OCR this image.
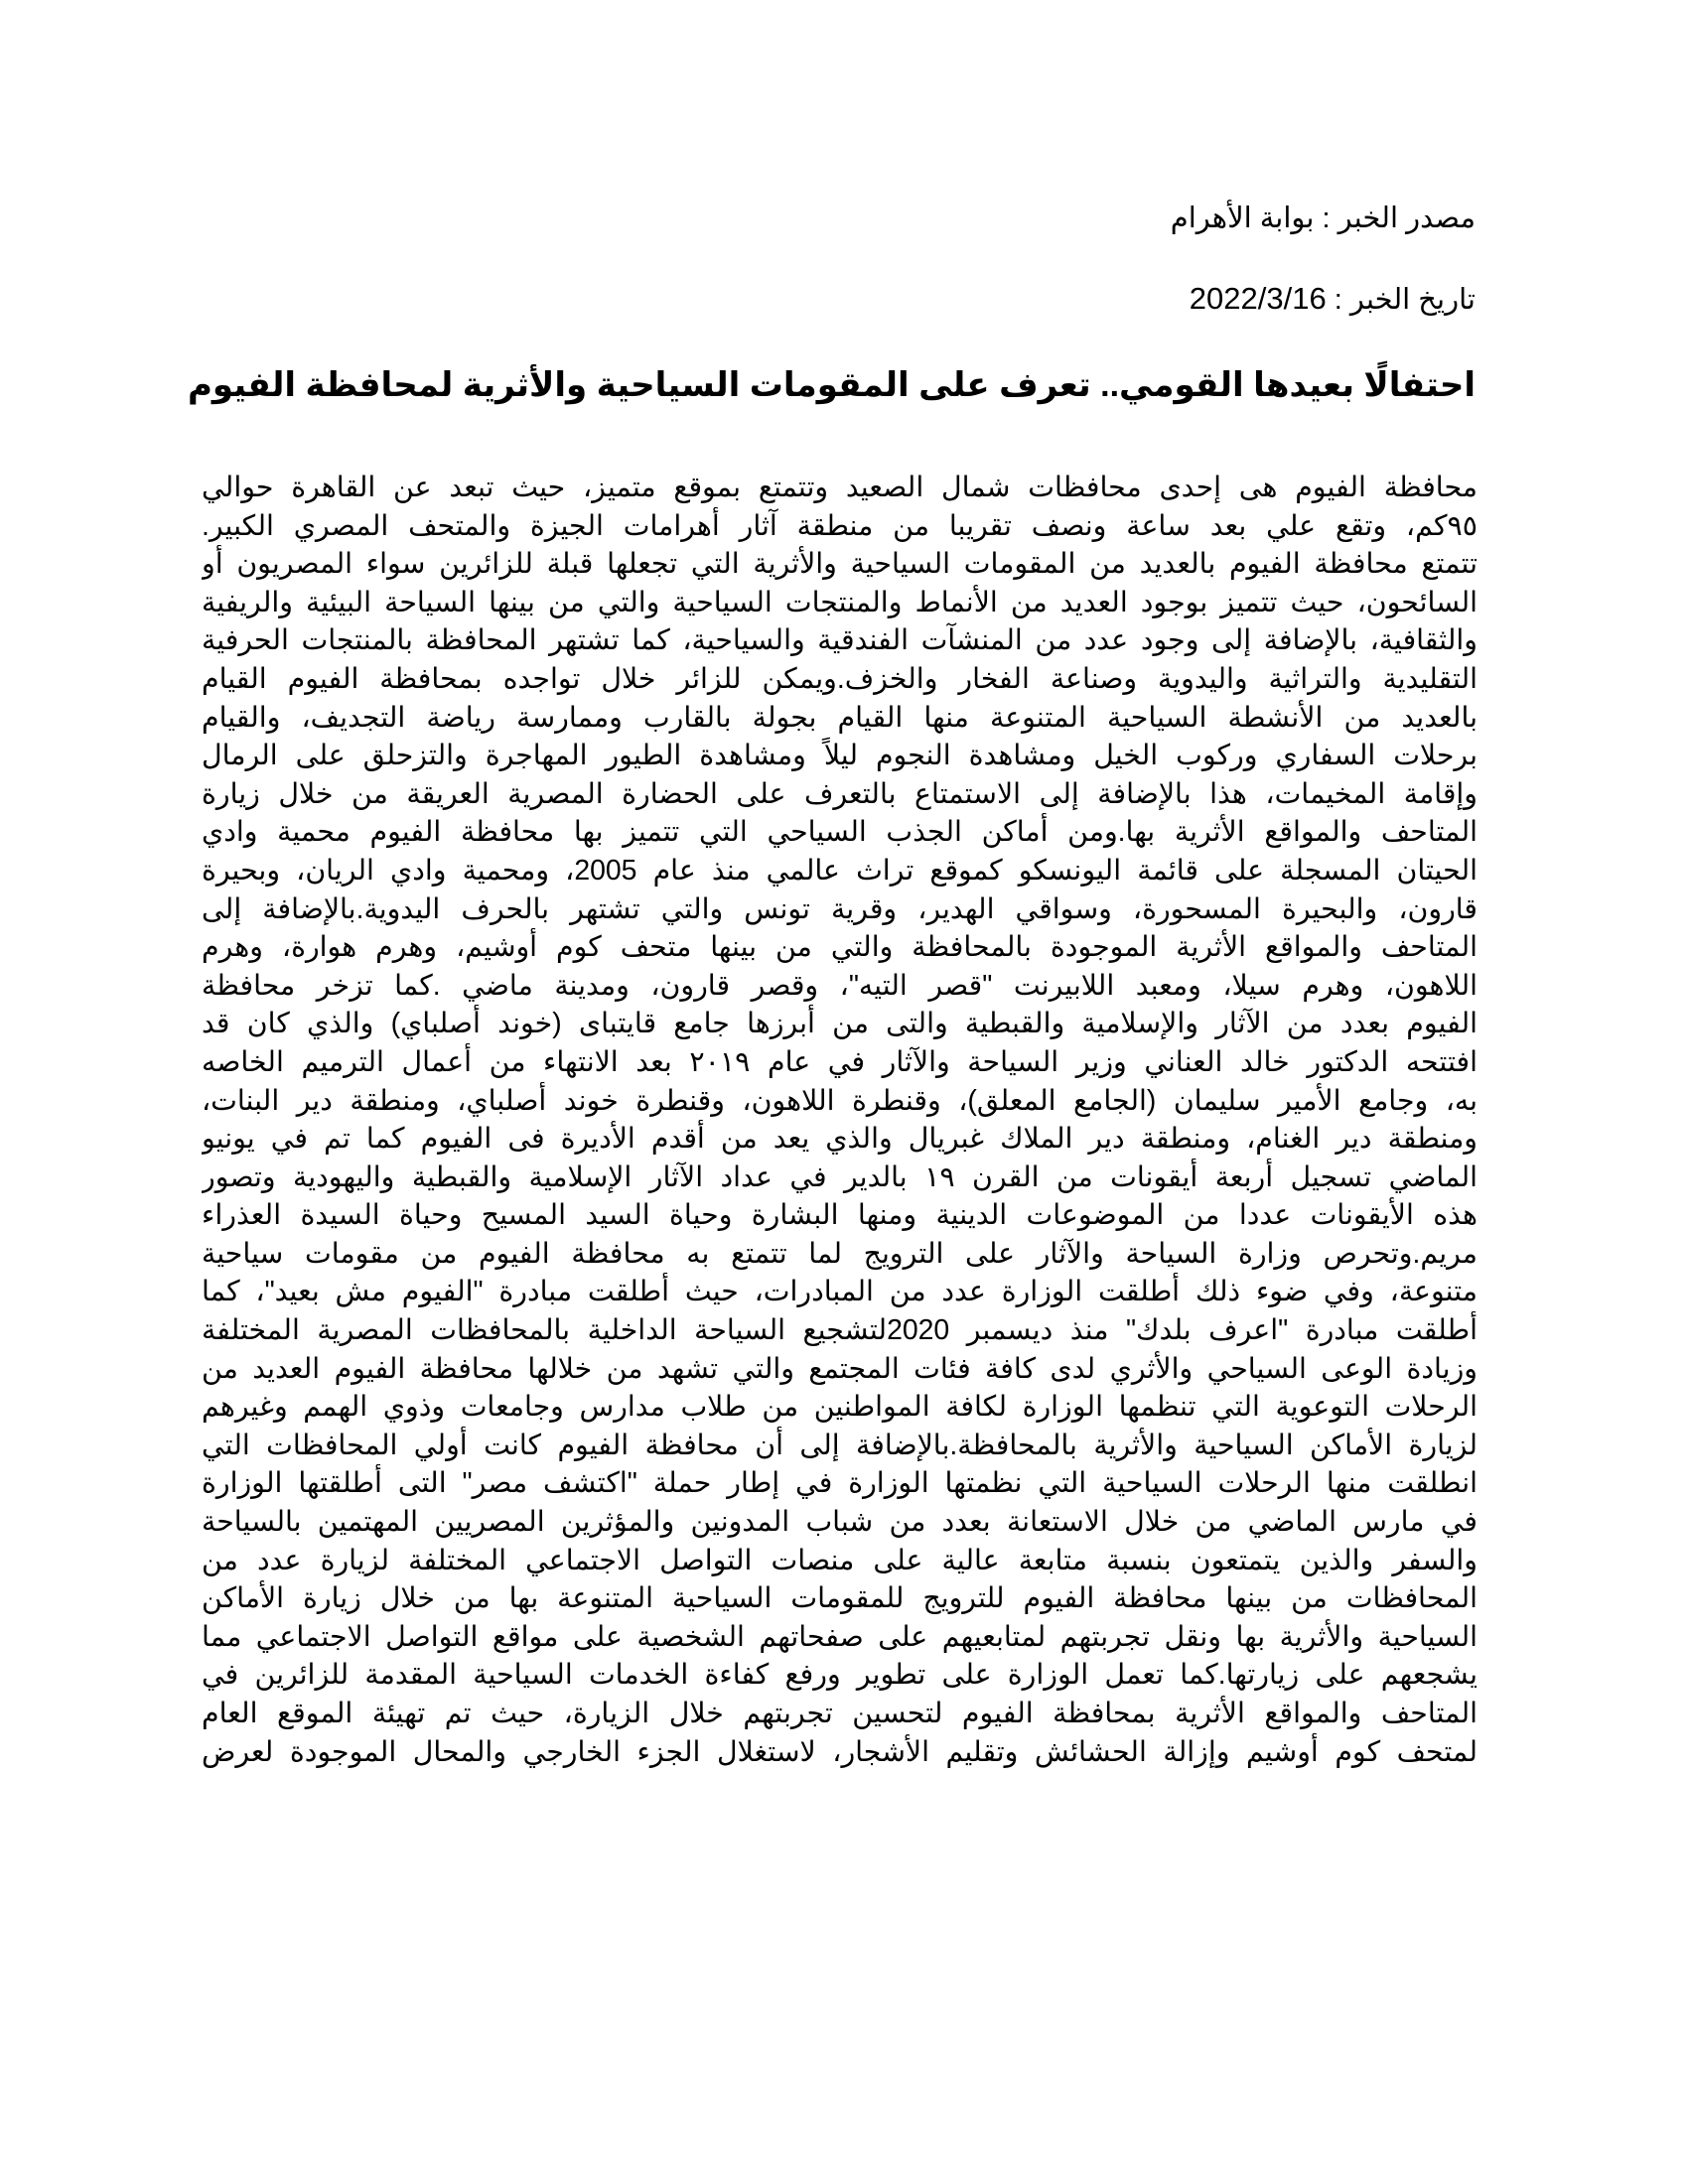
مصدر الخبر : بوابة الأهرام
تاريخ الخبر : 2022/3/16
احتفالًا بعيدها القومي.. تعرف على المقومات السياحية والأثرية لمحافظة الفيوم
محافظة الفيوم هى إحدى محافظات شمال الصعيد وتتمتع بموقع متميز، حيث تبعد عن القاهرة حوالي
٩٥كم، وتقع علي بعد ساعة ونصف تقريبا من منطقة آثار أهرامات الجيزة والمتحف المصري الكبير.
تتمتع محافظة الفيوم بالعديد من المقومات السياحية والأثرية التي تجعلها قبلة للزائرين سواء المصريون أو
السائحون، حيث تتميز بوجود العديد من الأنماط والمنتجات السياحية والتي من بينها السياحة البيئية والريفية
والثقافية، بالإضافة إلى وجود عدد من المنشآت الفندقية والسياحية، كما تشتهر المحافظة بالمنتجات الحرفية
التقليدية والتراثية واليدوية وصناعة الفخار والخزف.ويمكن للزائر خلال تواجده بمحافظة الفيوم القيام
بالعديد من الأنشطة السياحية المتنوعة منها القيام بجولة بالقارب وممارسة رياضة التجديف، والقيام
برحلات السفاري وركوب الخيل ومشاهدة النجوم ليلاً ومشاهدة الطيور المهاجرة والتزحلق على الرمال
وإقامة المخيمات، هذا بالإضافة إلى الاستمتاع بالتعرف على الحضارة المصرية العريقة من خلال زيارة
المتاحف والمواقع الأثرية بها.ومن أماكن الجذب السياحي التي تتميز بها محافظة الفيوم محمية وادي
الحيتان المسجلة على قائمة اليونسكو كموقع تراث عالمي منذ عام 2005، ومحمية وادي الريان، وبحيرة
قارون، والبحيرة المسحورة، وسواقي الهدير، وقرية تونس والتي تشتهر بالحرف اليدوية.بالإضافة إلى
المتاحف والمواقع الأثرية الموجودة بالمحافظة والتي من بينها متحف كوم أوشيم، وهرم هوارة، وهرم
اللاهون، وهرم سيلا، ومعبد اللابيرنت "قصر التيه"، وقصر قارون، ومدينة ماضي .كما تزخر محافظة
الفيوم بعدد من الآثار والإسلامية والقبطية والتى من أبرزها جامع قايتباى (خوند أصلباي) والذي كان قد
افتتحه الدكتور خالد العناني وزير السياحة والآثار في عام ٢٠١٩ بعد الانتهاء من أعمال الترميم الخاصه
به، وجامع الأمير سليمان (الجامع المعلق)، وقنطرة اللاهون، وقنطرة خوند أصلباي، ومنطقة دير البنات،
ومنطقة دير الغنام، ومنطقة دير الملاك غبريال والذي يعد من أقدم الأديرة فى الفيوم كما تم في يونيو
الماضي تسجيل أربعة أيقونات من القرن ١٩ بالدير في عداد الآثار الإسلامية والقبطية واليهودية وتصور
هذه الأيقونات عددا من الموضوعات الدينية ومنها البشارة وحياة السيد المسيح وحياة السيدة العذراء
مريم.وتحرص وزارة السياحة والآثار على الترويج لما تتمتع به محافظة الفيوم من مقومات سياحية
متنوعة، وفي ضوء ذلك أطلقت الوزارة عدد من المبادرات، حيث أطلقت مبادرة "الفيوم مش بعيد"، كما
أطلقت مبادرة "اعرف بلدك" منذ ديسمبر 2020لتشجيع السياحة الداخلية بالمحافظات المصرية المختلفة
وزيادة الوعى السياحي والأثري لدى كافة فئات المجتمع والتي تشهد من خلالها محافظة الفيوم العديد من
الرحلات التوعوية التي تنظمها الوزارة لكافة المواطنين من طلاب مدارس وجامعات وذوي الهمم وغيرهم
لزيارة الأماكن السياحية والأثرية بالمحافظة.بالإضافة إلى أن محافظة الفيوم كانت أولي المحافظات التي
انطلقت منها الرحلات السياحية التي نظمتها الوزارة في إطار حملة "اكتشف مصر" التى أطلقتها الوزارة
في مارس الماضي من خلال الاستعانة بعدد من شباب المدونين والمؤثرين المصريين المهتمين بالسياحة
والسفر والذين يتمتعون بنسبة متابعة عالية على منصات التواصل الاجتماعي المختلفة لزيارة عدد من
المحافظات من بينها محافظة الفيوم للترويج للمقومات السياحية المتنوعة بها من خلال زيارة الأماكن
السياحية والأثرية بها ونقل تجربتهم لمتابعيهم على صفحاتهم الشخصية على مواقع التواصل الاجتماعي مما
يشجعهم على زيارتها.كما تعمل الوزارة على تطوير ورفع كفاءة الخدمات السياحية المقدمة للزائرين في
المتاحف والمواقع الأثرية بمحافظة الفيوم لتحسين تجربتهم خلال الزيارة، حيث تم تهيئة الموقع العام
لمتحف كوم أوشيم وإزالة الحشائش وتقليم الأشجار، لاستغلال الجزء الخارجي والمحال الموجودة لعرض
